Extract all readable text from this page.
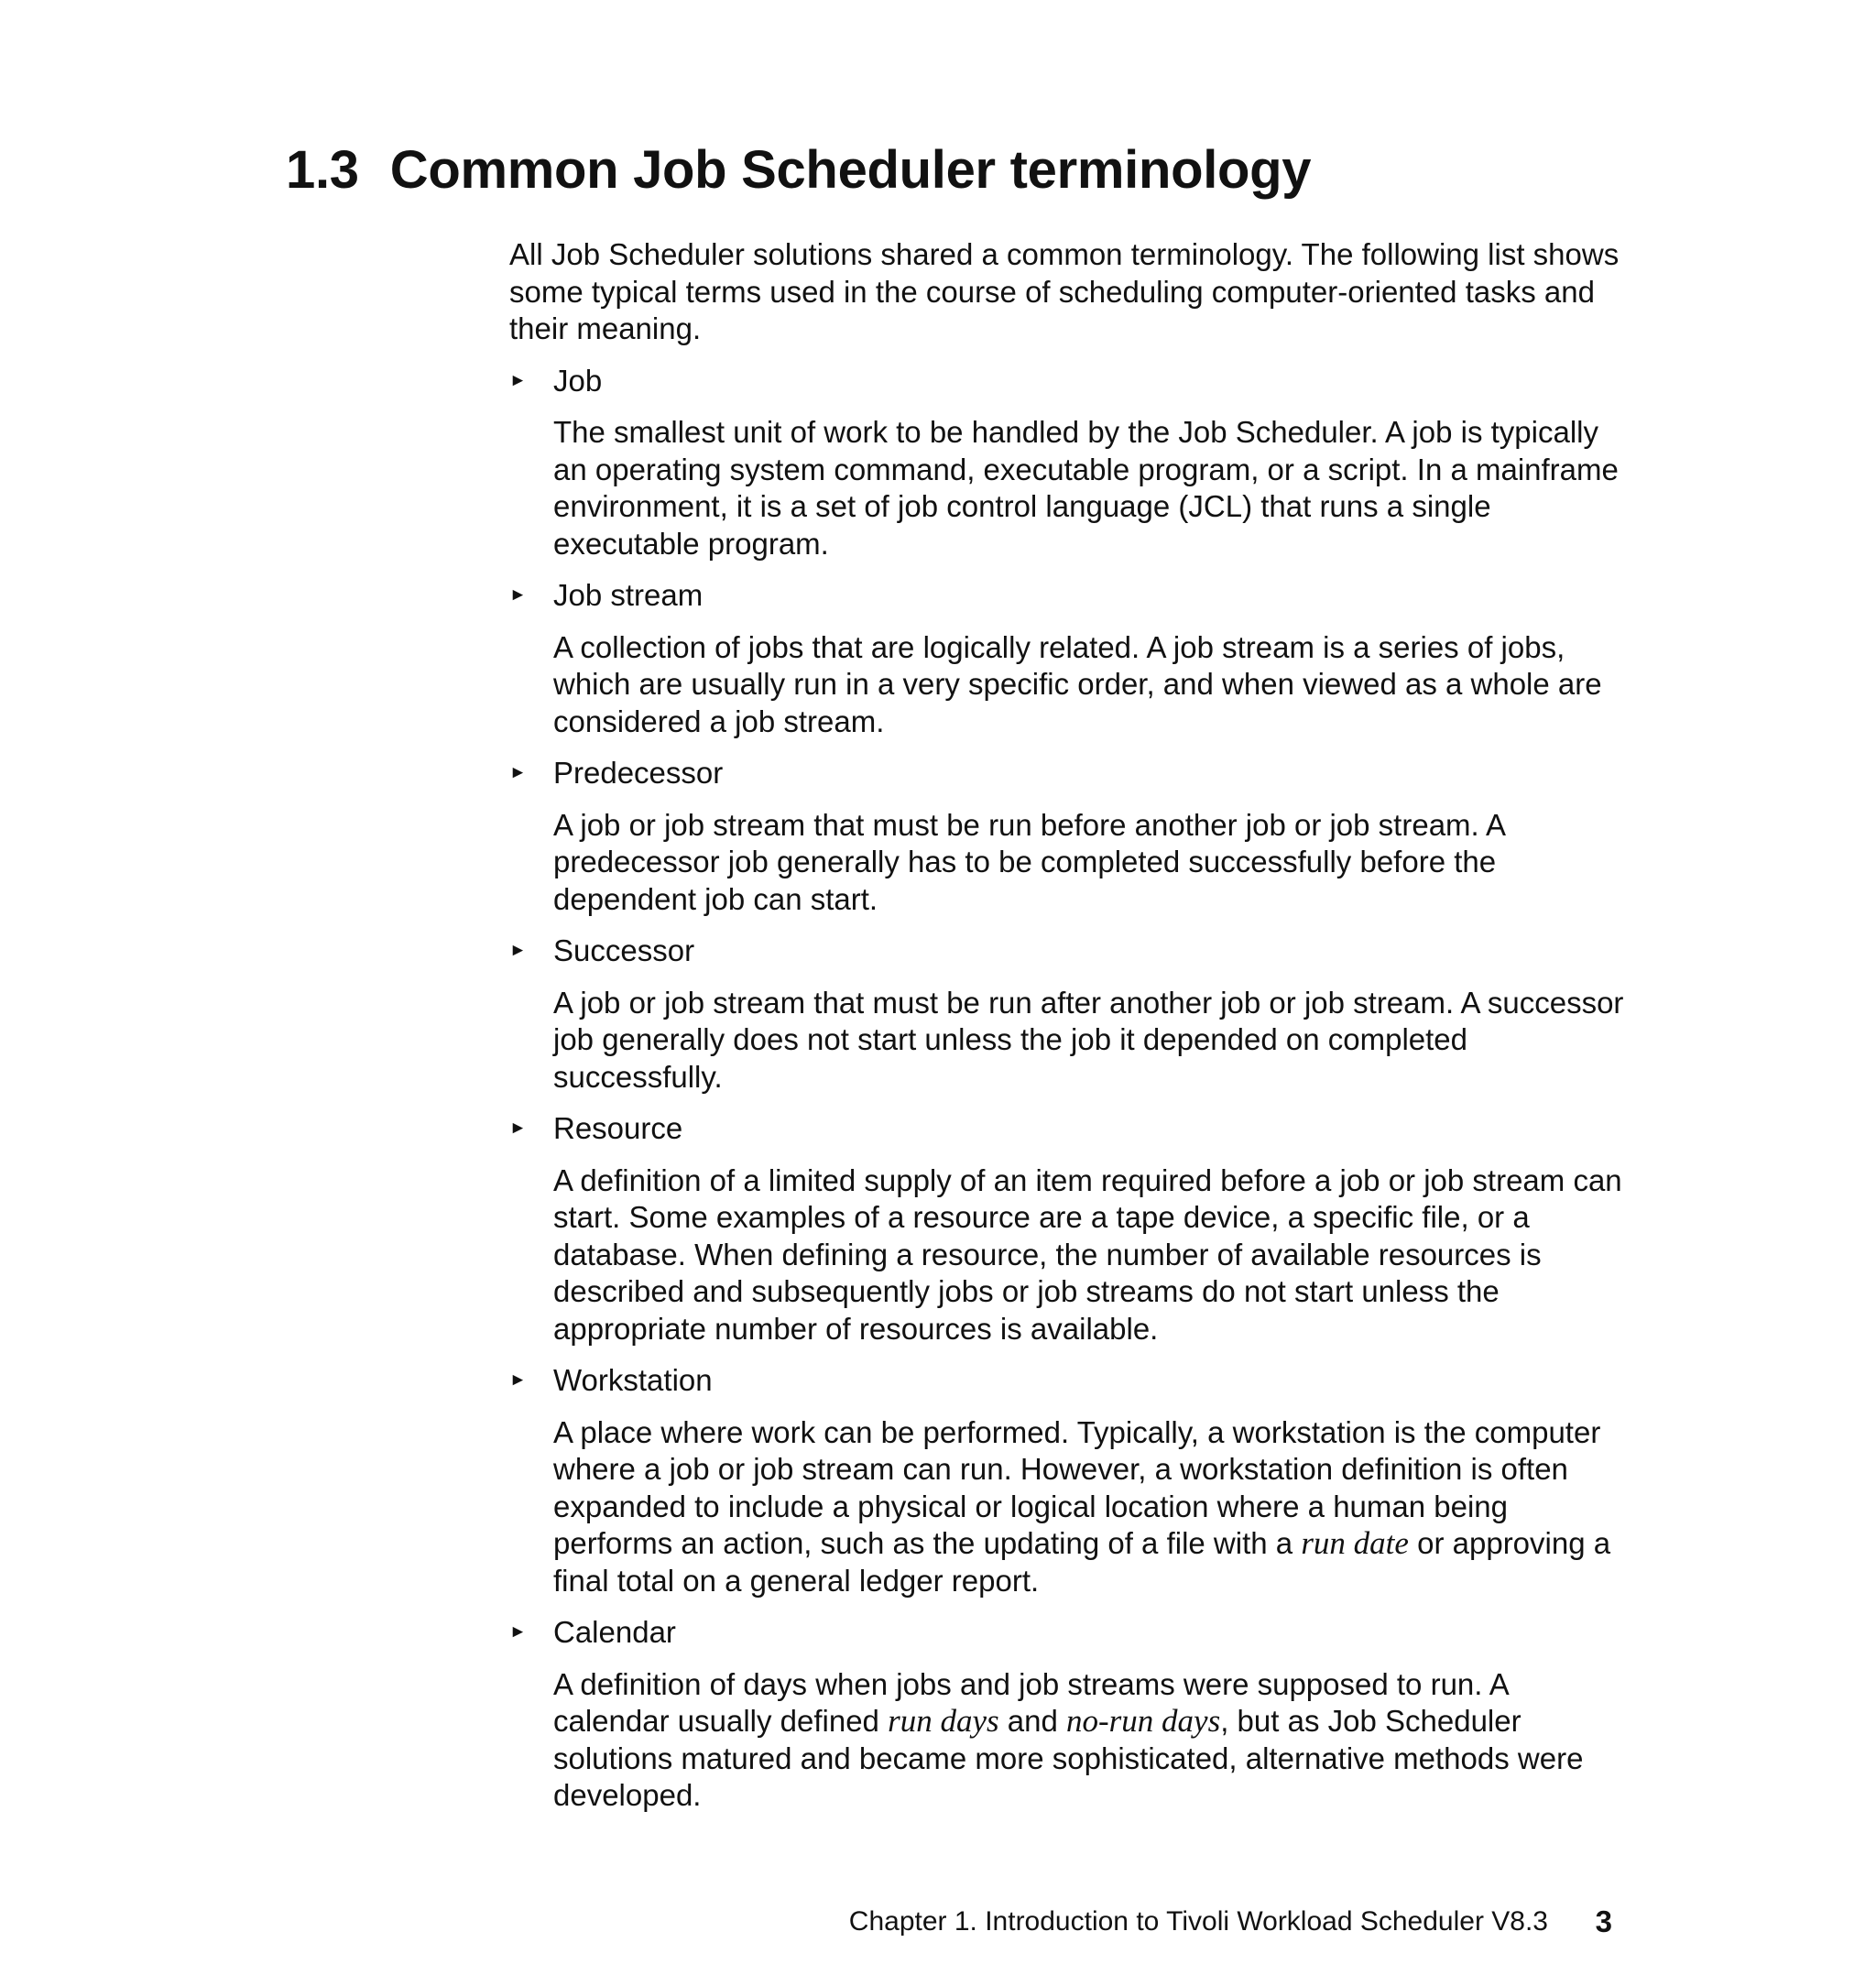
1.3 Common Job Scheduler terminology

All Job Scheduler solutions shared a common terminology. The following list shows some typical terms used in the course of scheduling computer-oriented tasks and their meaning.

► Job

The smallest unit of work to be handled by the Job Scheduler. A job is typically an operating system command, executable program, or a script. In a mainframe environment, it is a set of job control language (JCL) that runs a single executable program.

► Job stream

A collection of jobs that are logically related. A job stream is a series of jobs, which are usually run in a very specific order, and when viewed as a whole are considered a job stream.

► Predecessor

A job or job stream that must be run before another job or job stream. A predecessor job generally has to be completed successfully before the dependent job can start.

► Successor

A job or job stream that must be run after another job or job stream. A successor job generally does not start unless the job it depended on completed successfully.

► Resource

A definition of a limited supply of an item required before a job or job stream can start. Some examples of a resource are a tape device, a specific file, or a database. When defining a resource, the number of available resources is described and subsequently jobs or job streams do not start unless the appropriate number of resources is available.

► Workstation

A place where work can be performed. Typically, a workstation is the computer where a job or job stream can run. However, a workstation definition is often expanded to include a physical or logical location where a human being performs an action, such as the updating of a file with a run date or approving a final total on a general ledger report.

► Calendar

A definition of days when jobs and job streams were supposed to run. A calendar usually defined run days and no-run days, but as Job Scheduler solutions matured and became more sophisticated, alternative methods were developed.

Chapter 1. Introduction to Tivoli Workload Scheduler V8.3 3
